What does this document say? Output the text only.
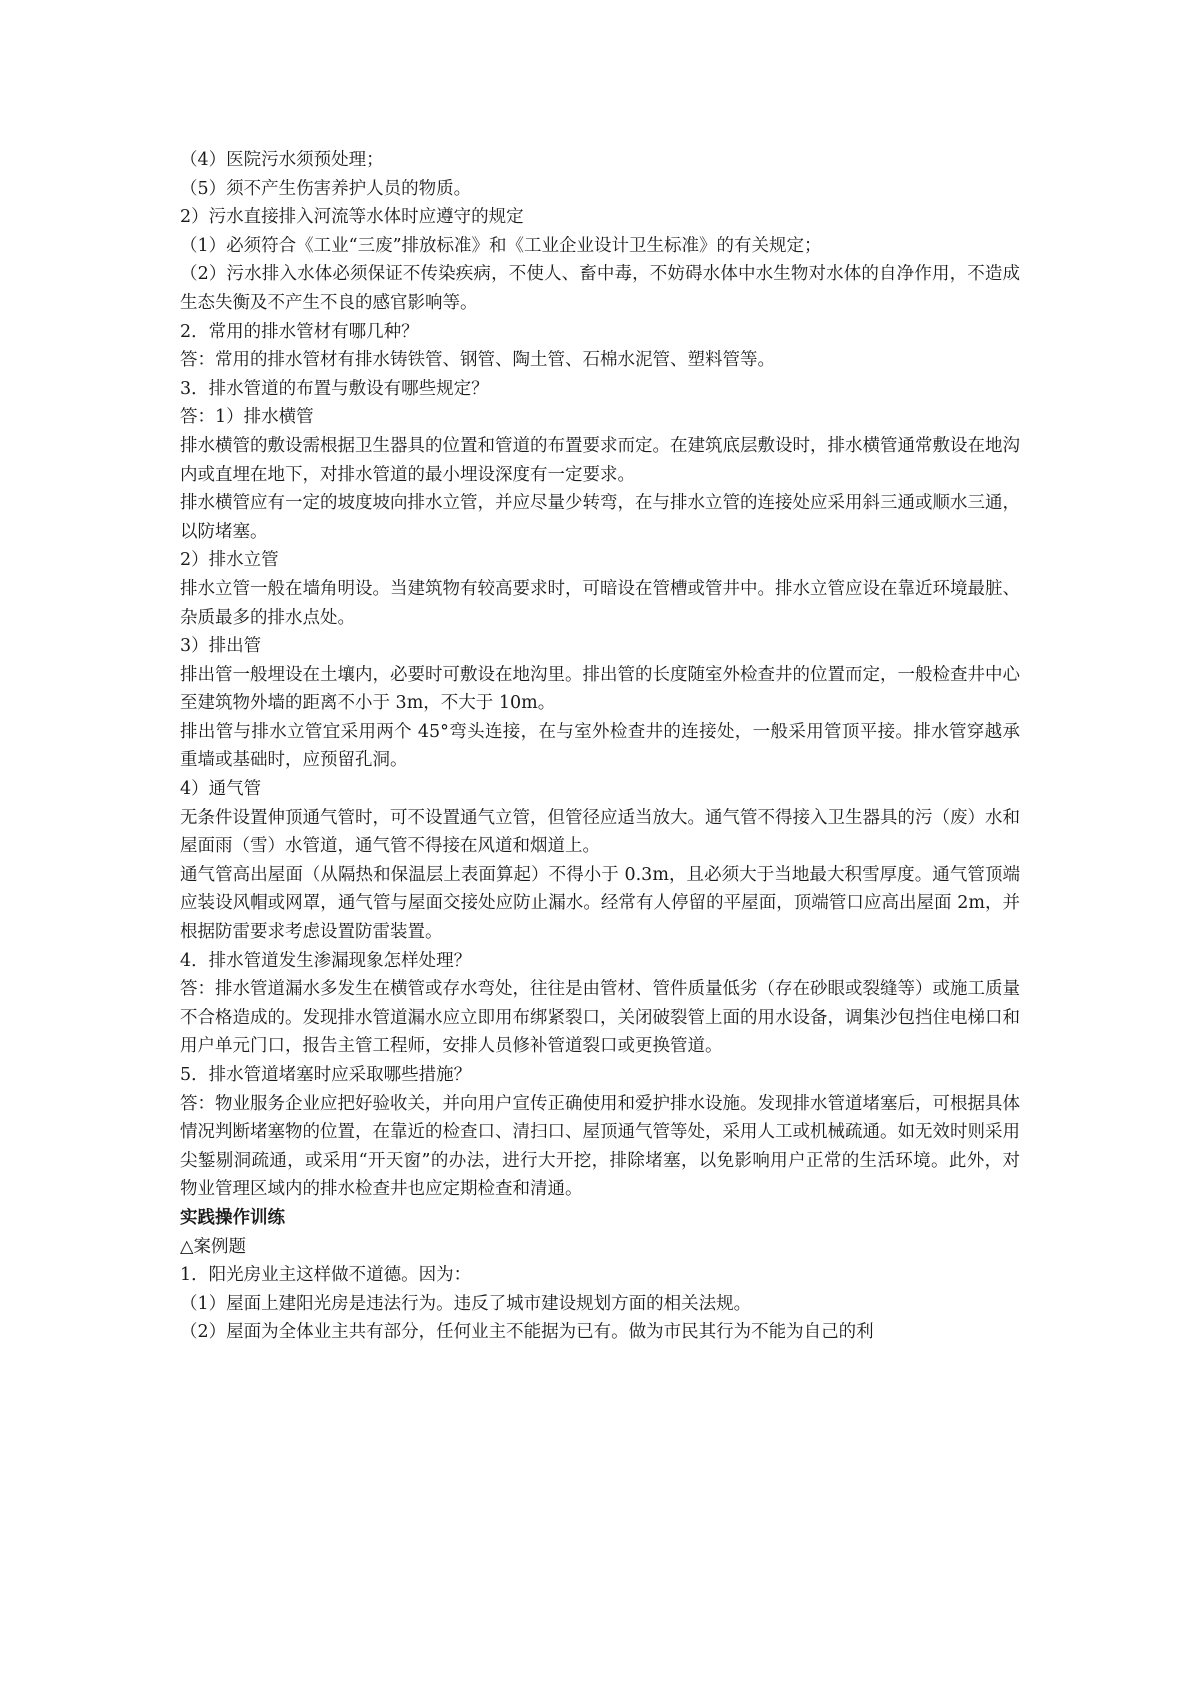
（4）医院污水须预处理；

（5）须不产生伤害养护人员的物质。

2）污水直接排入河流等水体时应遵守的规定

（1）必须符合《工业“三废”排放标准》和《工业企业设计卫生标准》的有关规定；

（2）污水排入水体必须保证不传染疾病，不使人、畜中毒，不妨碍水体中水生物对水体的自净作用，不造成生态失衡及不产生不良的感官影响等。

2．常用的排水管材有哪几种？

答：常用的排水管材有排水铸铁管、钢管、陶土管、石棉水泥管、塑料管等。

3．排水管道的布置与敷设有哪些规定？

答：1）排水横管

排水横管的敷设需根据卫生器具的位置和管道的布置要求而定。在建筑底层敷设时，排水横管通常敷设在地沟内或直埋在地下，对排水管道的最小埋设深度有一定要求。

排水横管应有一定的坡度坡向排水立管，并应尽量少转弯，在与排水立管的连接处应采用斜三通或顺水三通，以防堵塞。

2）排水立管

排水立管一般在墙角明设。当建筑物有较高要求时，可暗设在管槽或管井中。排水立管应设在靠近环境最脏、杂质最多的排水点处。

3）排出管

排出管一般埋设在土壤内，必要时可敷设在地沟里。排出管的长度随室外检查井的位置而定，一般检查井中心至建筑物外墙的距离不小于 3m，不大于 10m。

排出管与排水立管宜采用两个 45°弯头连接，在与室外检查井的连接处，一般采用管顶平接。排水管穿越承重墙或基础时，应预留孔洞。

4）通气管

无条件设置伸顶通气管时，可不设置通气立管，但管径应适当放大。通气管不得接入卫生器具的污（废）水和屋面雨（雪）水管道，通气管不得接在风道和烟道上。

通气管高出屋面（从隔热和保温层上表面算起）不得小于 0.3m，且必须大于当地最大积雪厚度。通气管顶端应装设风帽或网罩，通气管与屋面交接处应防止漏水。经常有人停留的平屋面，顶端管口应高出屋面 2m，并根据防雷要求考虑设置防雷装置。

4．排水管道发生渗漏现象怎样处理？

答：排水管道漏水多发生在横管或存水弯处，往往是由管材、管件质量低劣（存在砂眼或裂缝等）或施工质量不合格造成的。发现排水管道漏水应立即用布绑紧裂口，关闭破裂管上面的用水设备，调集沙包挡住电梯口和用户单元门口，报告主管工程师，安排人员修补管道裂口或更换管道。

5．排水管道堵塞时应采取哪些措施？

答：物业服务企业应把好验收关，并向用户宣传正确使用和爱护排水设施。发现排水管道堵塞后，可根据具体情况判断堵塞物的位置，在靠近的检查口、清扫口、屋顶通气管等处，采用人工或机械疏通。如无效时则采用尖錾剔洞疏通，或采用“开天窗”的办法，进行大开挖，排除堵塞，以免影响用户正常的生活环境。此外，对物业管理区域内的排水检查井也应定期检查和清通。

实践操作训练

△案例题

1．阳光房业主这样做不道德。因为：

（1）屋面上建阳光房是违法行为。违反了城市建设规划方面的相关法规。

（2）屋面为全体业主共有部分，任何业主不能据为已有。做为市民其行为不能为自己的利
